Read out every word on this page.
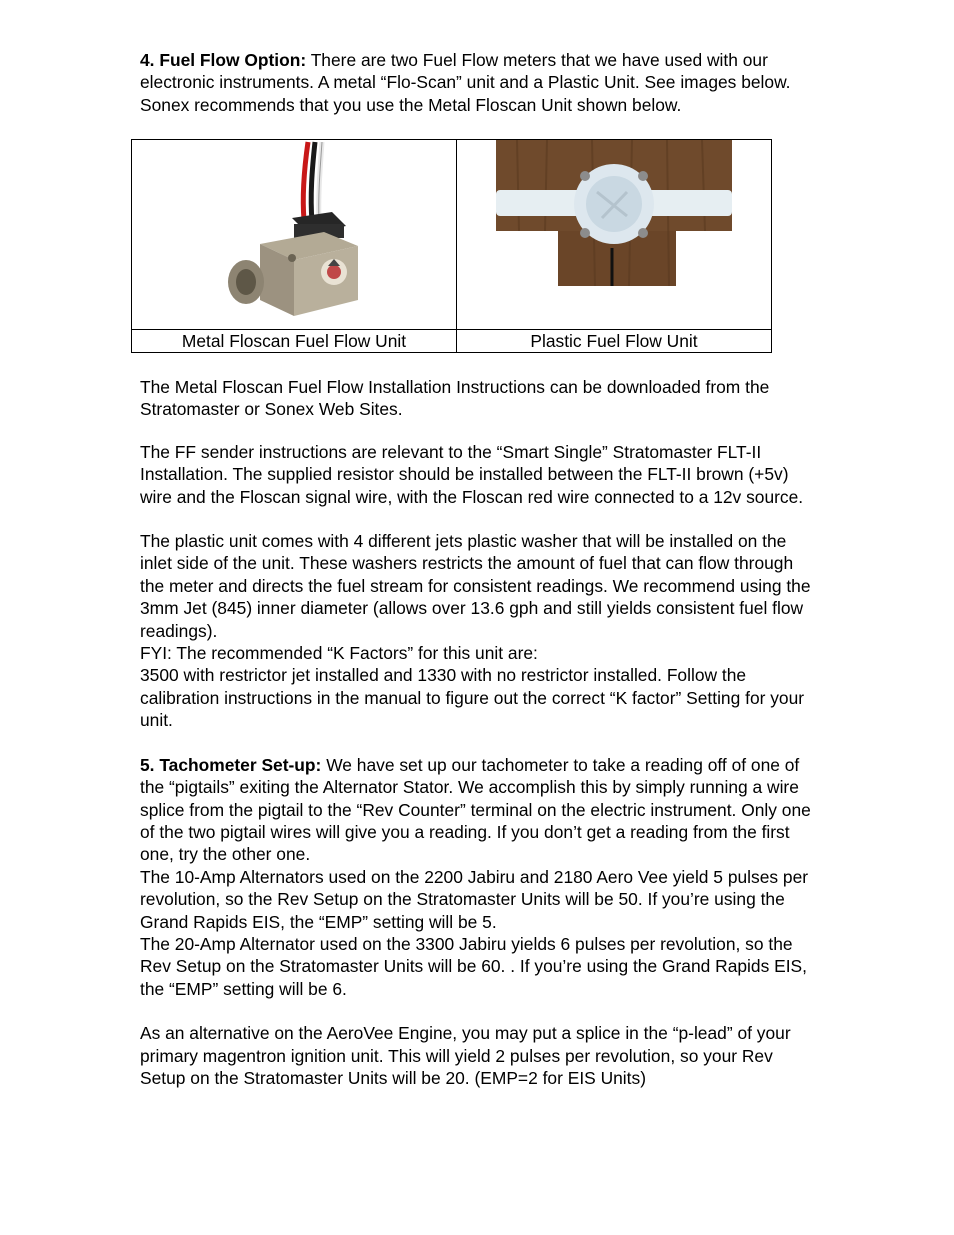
4. Fuel Flow Option: There are two Fuel Flow meters that we have used with our electronic instruments. A metal “Flo-Scan” unit and a Plastic Unit. See images below. Sonex recommends that you use the Metal Floscan Unit shown below.

Metal Floscan Fuel Flow Unit	Plastic Fuel Flow Unit

The Metal Floscan Fuel Flow Installation Instructions can be downloaded from the Stratomaster or Sonex Web Sites.

The FF sender instructions are relevant to the “Smart Single” Stratomaster FLT-II Installation. The supplied resistor should be installed between the FLT-II brown (+5v) wire and the Floscan signal wire, with the Floscan red wire connected to a 12v source.

The plastic unit comes with 4 different jets plastic washer that will be installed on the inlet side of the unit. These washers restricts the amount of fuel that can flow through the meter and directs the fuel stream for consistent readings. We recommend using the 3mm Jet (845) inner diameter (allows over 13.6 gph and still yields consistent fuel flow readings).

FYI: The recommended “K Factors” for this unit are:

3500 with restrictor jet installed and 1330 with no restrictor installed. Follow the calibration instructions in the manual to figure out the correct “K factor” Setting for your unit.

5. Tachometer Set-up: We have set up our tachometer to take a reading off of one of the “pigtails” exiting the Alternator Stator. We accomplish this by simply running a wire splice from the pigtail to the “Rev Counter” terminal on the electric instrument. Only one of the two pigtail wires will give you a reading. If you don’t get a reading from the first one, try the other one.

The 10-Amp Alternators used on the 2200 Jabiru and 2180 Aero Vee yield 5 pulses per revolution, so the Rev Setup on the Stratomaster Units will be 50. If you’re using the Grand Rapids EIS, the “EMP” setting will be 5.

The 20-Amp Alternator used on the 3300 Jabiru yields 6 pulses per revolution, so the Rev Setup on the Stratomaster Units will be 60. . If you’re using the Grand Rapids EIS, the “EMP” setting will be 6.

As an alternative on the AeroVee Engine, you may put a splice in the “p-lead” of your primary magentron ignition unit. This will yield 2 pulses per revolution, so your Rev Setup on the Stratomaster Units will be 20. (EMP=2 for EIS Units)
